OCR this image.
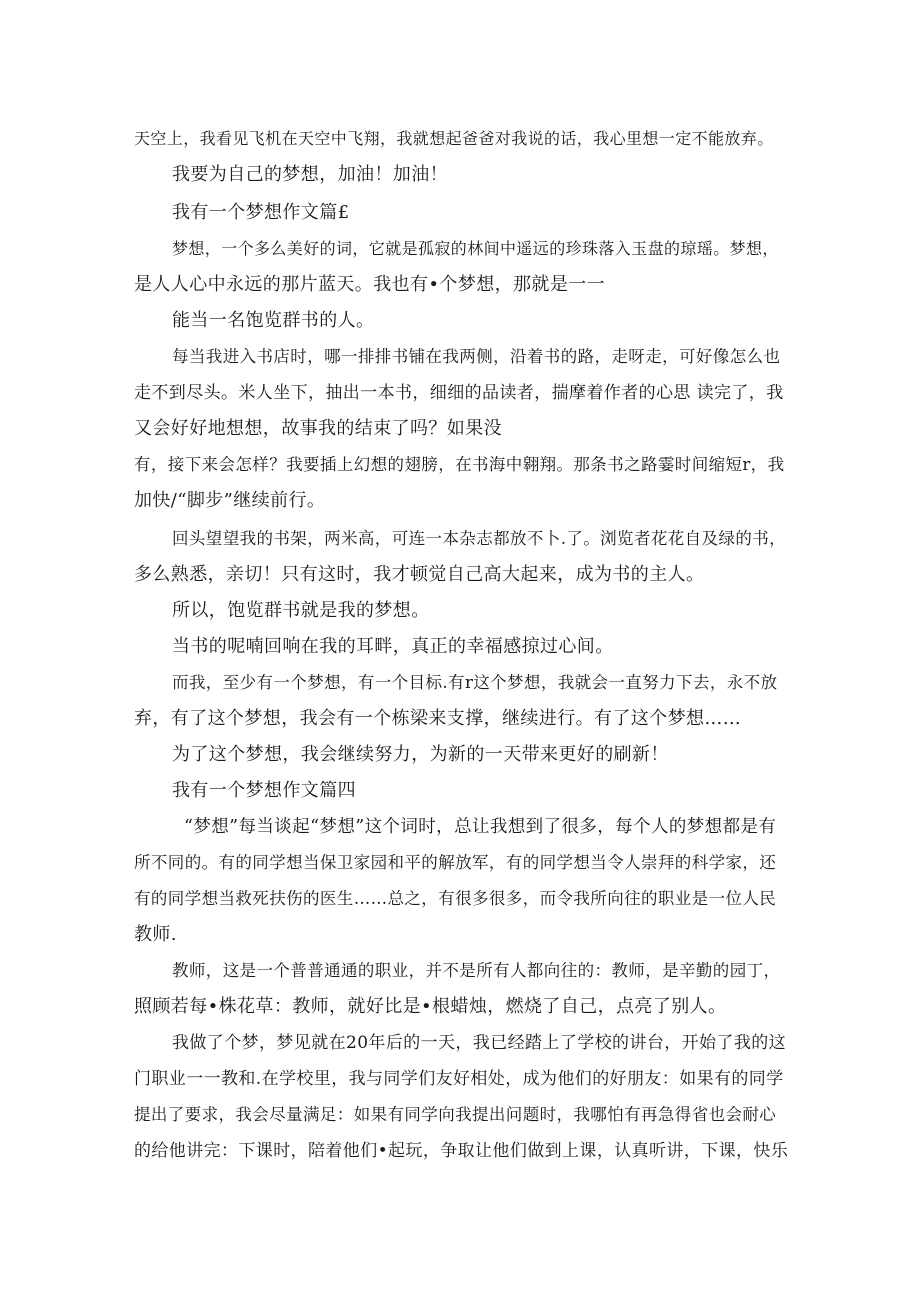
天空上，我看见飞机在天空中飞翔，我就想起爸爸对我说的话，我心里想一定不能放弃。
我要为自己的梦想，加油！加油！
我有一个梦想作文篇£
梦想，一个多么美好的词，它就是孤寂的林间中遥远的珍珠落入玉盘的琼瑶。梦想，
是人人心中永远的那片蓝天。我也有•个梦想，那就是一一
能当一名饱览群书的人。
每当我进入书店时，哪一排排书铺在我两侧，沿着书的路，走呀走，可好像怎么也
走不到尽头。米人坐下，抽出一本书，细细的品读者，揣摩着作者的心思 读完了，我
又会好好地想想，故事我的结束了吗？如果没
有，接下来会怎样？我要插上幻想的翅膀，在书海中翱翔。那条书之路霎时间缩短r，我
加快/“脚步”继续前行。
回头望望我的书架，两米高，可连一本杂志都放不卜.了。浏览者花花自及绿的书，
多么熟悉，亲切！只有这时，我才顿觉自己高大起来，成为书的主人。
所以，饱览群书就是我的梦想。
当书的呢喃回响在我的耳畔，真正的幸福感掠过心间。
而我，至少有一个梦想，有一个目标.有r这个梦想，我就会一直努力下去，永不放
弃，有了这个梦想，我会有一个栋梁来支撑，继续进行。有了这个梦想……
为了这个梦想，我会继续努力，为新的一天带来更好的刷新！
我有一个梦想作文篇四
“梦想”每当谈起“梦想”这个词时，总让我想到了很多，每个人的梦想都是有
所不同的。有的同学想当保卫家园和平的解放军，有的同学想当令人崇拜的科学家，还
有的同学想当救死扶伤的医生……总之，有很多很多，而令我所向往的职业是一位人民
教师.
教师，这是一个普普通通的职业，并不是所有人都向往的：教师，是辛勤的园丁，
照顾若每•株花草：教师，就好比是•根蜡烛，燃烧了自己，点亮了别人。
我做了个梦，梦见就在20年后的一天，我已经踏上了学校的讲台，开始了我的这
门职业一一教和.在学校里，我与同学们友好相处，成为他们的好朋友：如果有的同学
提出了要求，我会尽量满足：如果有同学向我提出问题时，我哪怕有再急得省也会耐心
的给他讲完：下课时，陪着他们•起玩，争取让他们做到上课，认真听讲，下课，快乐
